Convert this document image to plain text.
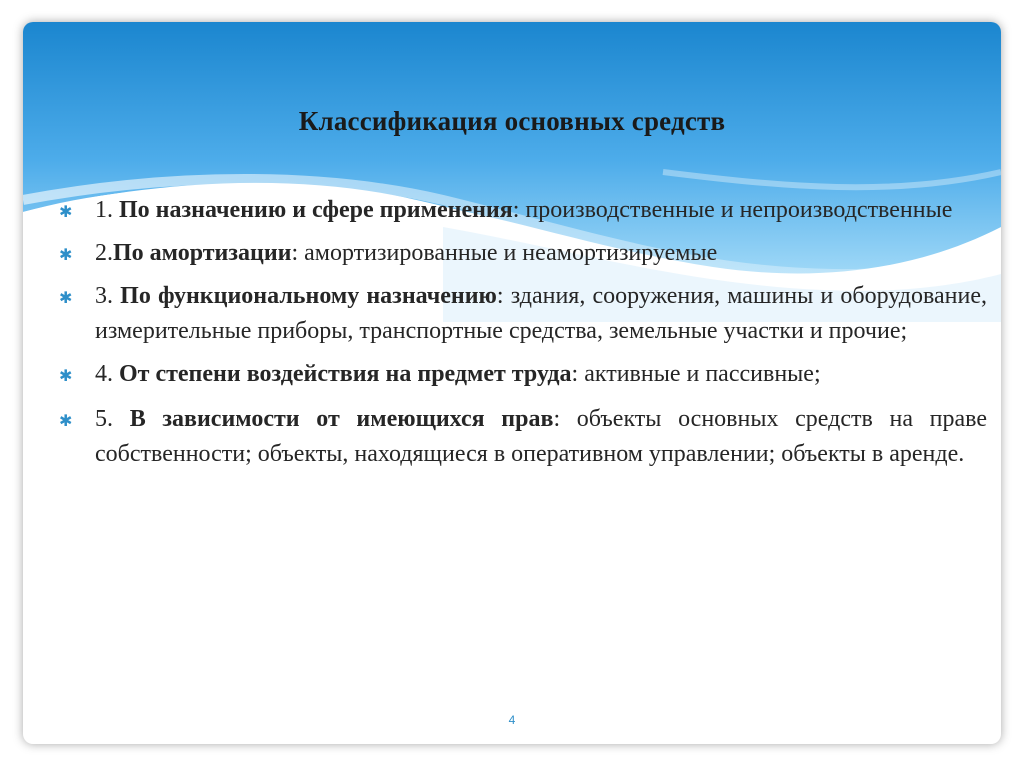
Классификация основных средств
✱ 1. По назначению и сфере применения: производственные и непроизводственные
✱ 2.По амортизации: амортизированные и неамортизируемые
✱ 3. По функциональному назначению: здания, сооружения, машины и оборудование, измерительные приборы, транспортные средства, земельные участки и прочие;
✱ 4. От степени воздействия на предмет труда: активные и пассивные;
✱ 5. В зависимости от имеющихся прав: объекты основных средств на праве собственности; объекты, находящиеся в оперативном управлении; объекты в аренде.
4
